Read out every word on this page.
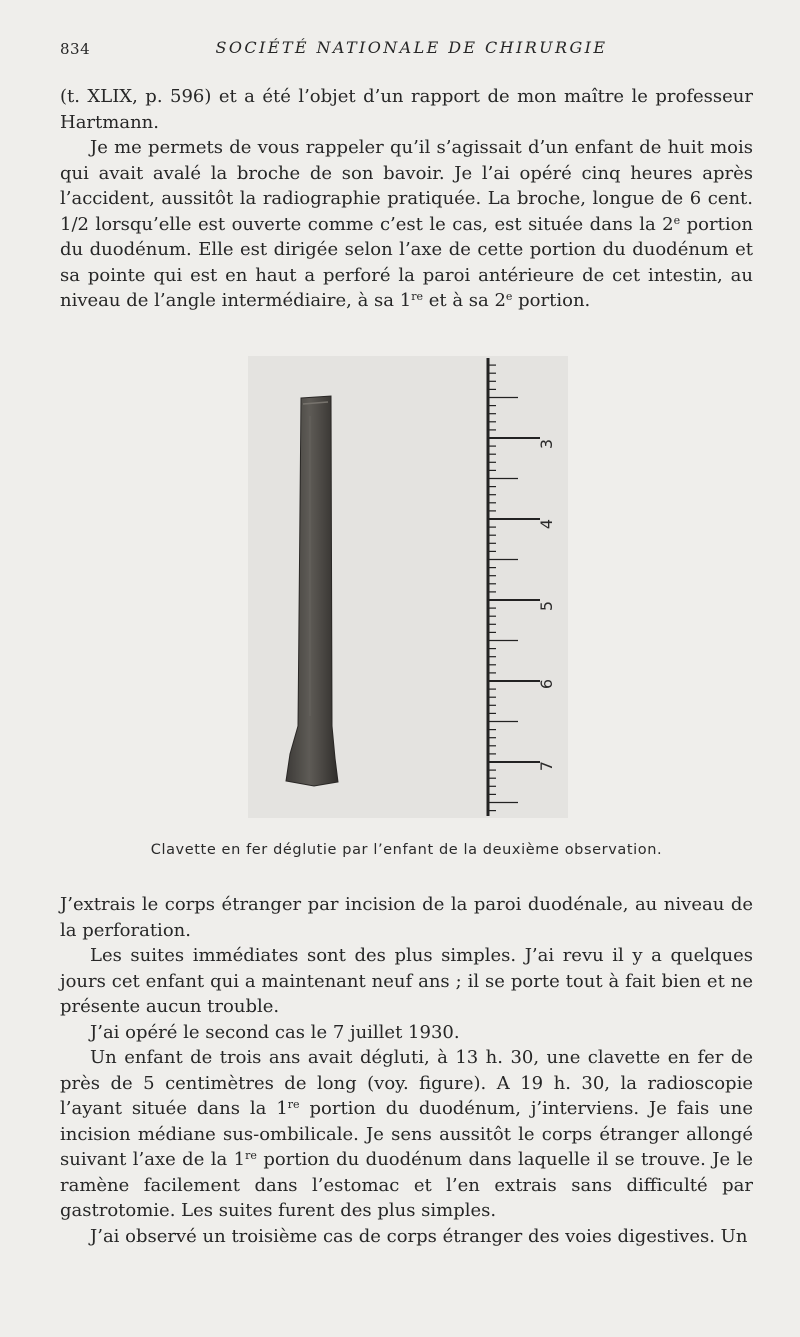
834	SOCIÉTÉ NATIONALE DE CHIRURGIE

(t. XLIX, p. 596) et a été l’objet d’un rapport de mon maître le professeur Hartmann.

Je me permets de vous rappeler qu’il s’agissait d’un enfant de huit mois qui avait avalé la broche de son bavoir. Je l’ai opéré cinq heures après l’accident, aussitôt la radiographie pratiquée. La broche, longue de 6 cent. 1/2 lorsqu’elle est ouverte comme c’est le cas, est située dans la 2e portion du duodénum. Elle est dirigée selon l’axe de cette portion du duodénum et sa pointe qui est en haut a perforé la paroi antérieure de cet intestin, au niveau de l’angle intermédiaire, à sa 1re et à sa 2e portion.

3
4
5
6
7
Clavette en fer déglutie par l’enfant de la deuxième observation.

J’extrais le corps étranger par incision de la paroi duodénale, au niveau de la perforation.

Les suites immédiates sont des plus simples. J’ai revu il y a quelques jours cet enfant qui a maintenant neuf ans ; il se porte tout à fait bien et ne présente aucun trouble.

J’ai opéré le second cas le 7 juillet 1930.

Un enfant de trois ans avait dégluti, à 13 h. 30, une clavette en fer de près de 5 centimètres de long (voy. figure). A 19 h. 30, la radioscopie l’ayant située dans la 1re portion du duodénum, j’interviens. Je fais une incision médiane sus-ombilicale. Je sens aussitôt le corps étranger allongé suivant l’axe de la 1re portion du duodénum dans laquelle il se trouve. Je le ramène facilement dans l’estomac et l’en extrais sans difficulté par gastrotomie. Les suites furent des plus simples.

J’ai observé un troisième cas de corps étranger des voies digestives. Un
